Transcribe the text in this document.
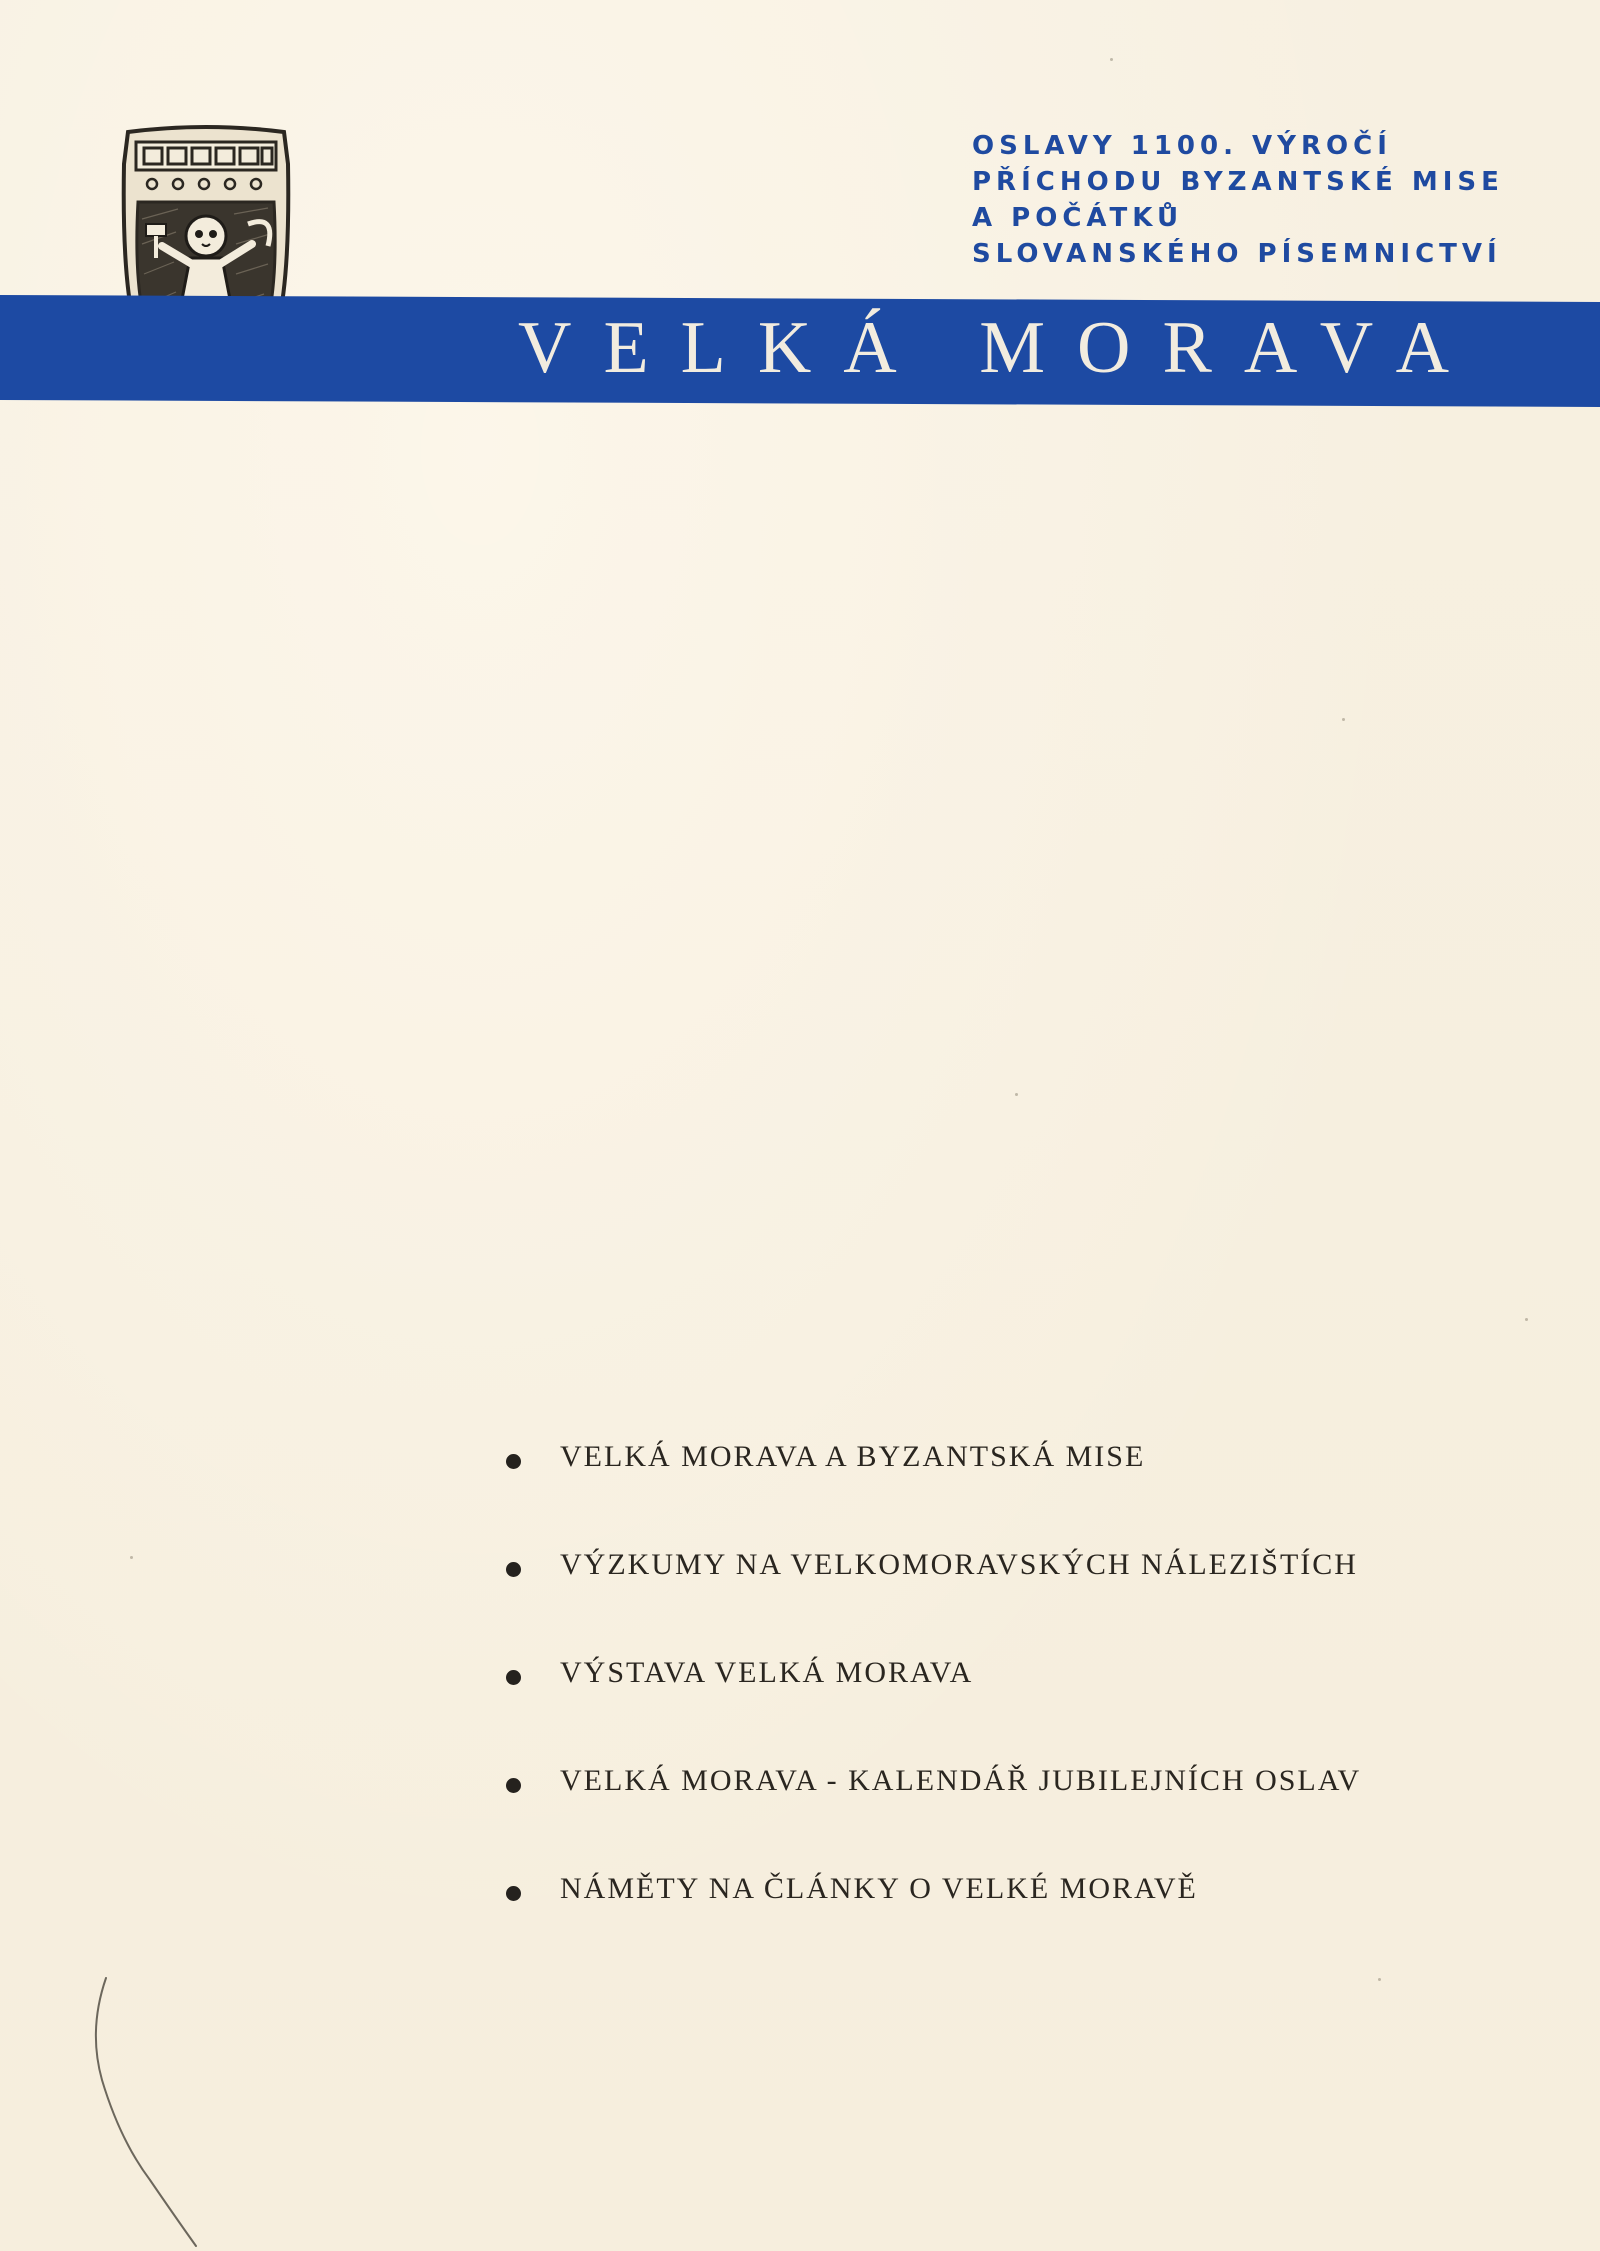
VELKÁ MORAVA
OSLAVY 1100. VÝROČÍ
PŘÍCHODU BYZANTSKÉ MISE
A POČÁTKŮ
SLOVANSKÉHO PÍSEMNICTVÍ
VELKÁ MORAVA A BYZANTSKÁ MISE
VÝZKUMY NA VELKOMORAVSKÝCH NÁLEZIŠTÍCH
VÝSTAVA VELKÁ MORAVA
VELKÁ MORAVA - KALENDÁŘ JUBILEJNÍCH OSLAV
NÁMĚTY NA ČLÁNKY O VELKÉ MORAVĚ
